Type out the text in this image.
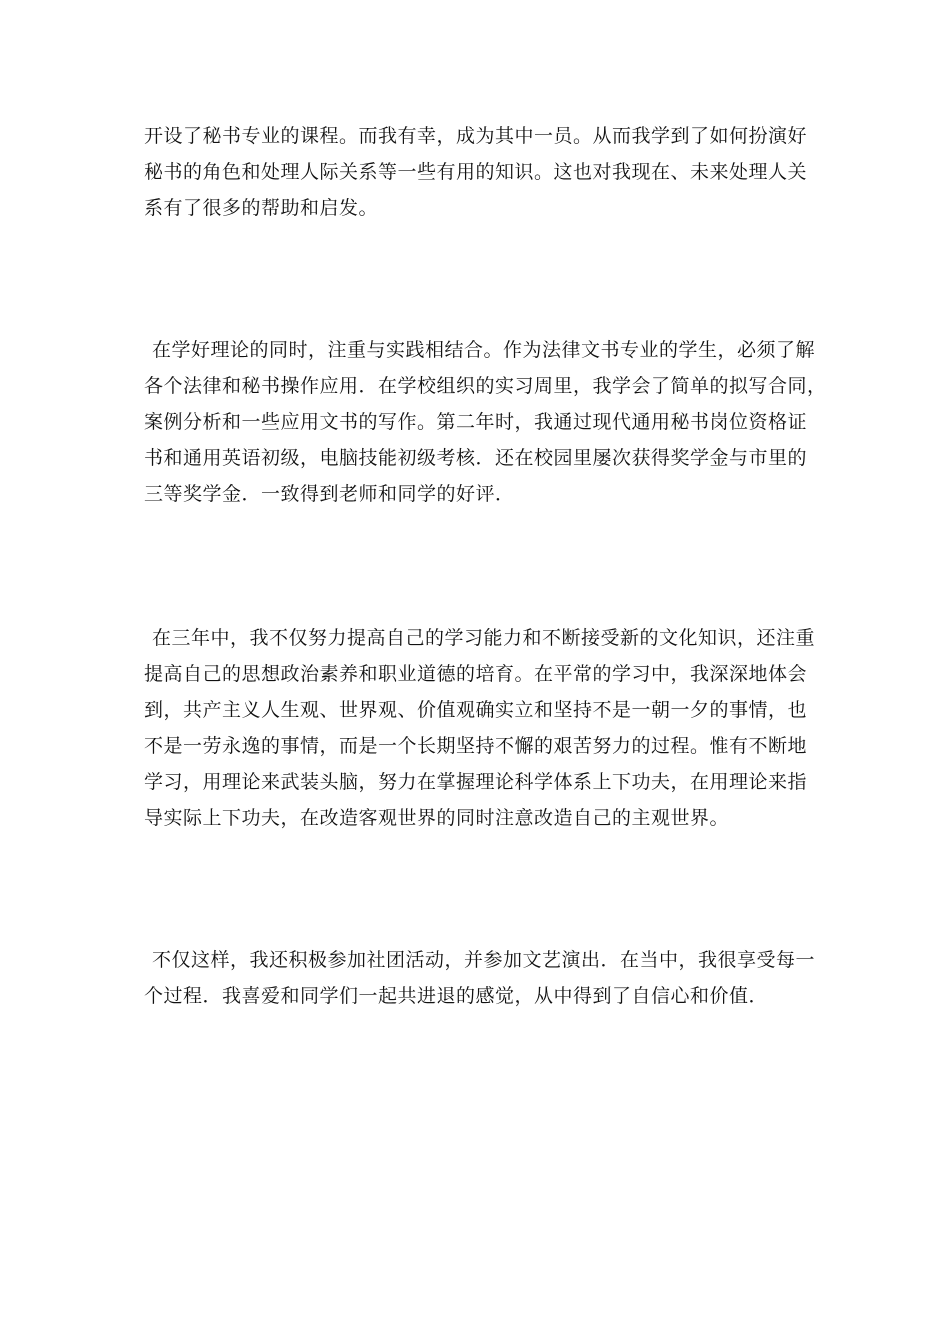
开设了秘书专业的课程。而我有幸，成为其中一员。从而我学到了如何扮演好
秘书的角色和处理人际关系等一些有用的知识。这也对我现在、未来处理人关
系有了很多的帮助和启发。

在学好理论的同时，注重与实践相结合。作为法律文书专业的学生，必须了解
各个法律和秘书操作应用．在学校组织的实习周里，我学会了简单的拟写合同，
案例分析和一些应用文书的写作。第二年时，我通过现代通用秘书岗位资格证
书和通用英语初级，电脑技能初级考核．还在校园里屡次获得奖学金与市里的
三等奖学金．一致得到老师和同学的好评．

在三年中，我不仅努力提高自己的学习能力和不断接受新的文化知识，还注重
提高自己的思想政治素养和职业道德的培育。在平常的学习中，我深深地体会
到，共产主义人生观、世界观、价值观确实立和坚持不是一朝一夕的事情，也
不是一劳永逸的事情，而是一个长期坚持不懈的艰苦努力的过程。惟有不断地
学习，用理论来武装头脑，努力在掌握理论科学体系上下功夫，在用理论来指
导实际上下功夫，在改造客观世界的同时注意改造自己的主观世界。

不仅这样，我还积极参加社团活动，并参加文艺演出．在当中，我很享受每一
个过程．我喜爱和同学们一起共进退的感觉，从中得到了自信心和价值．
